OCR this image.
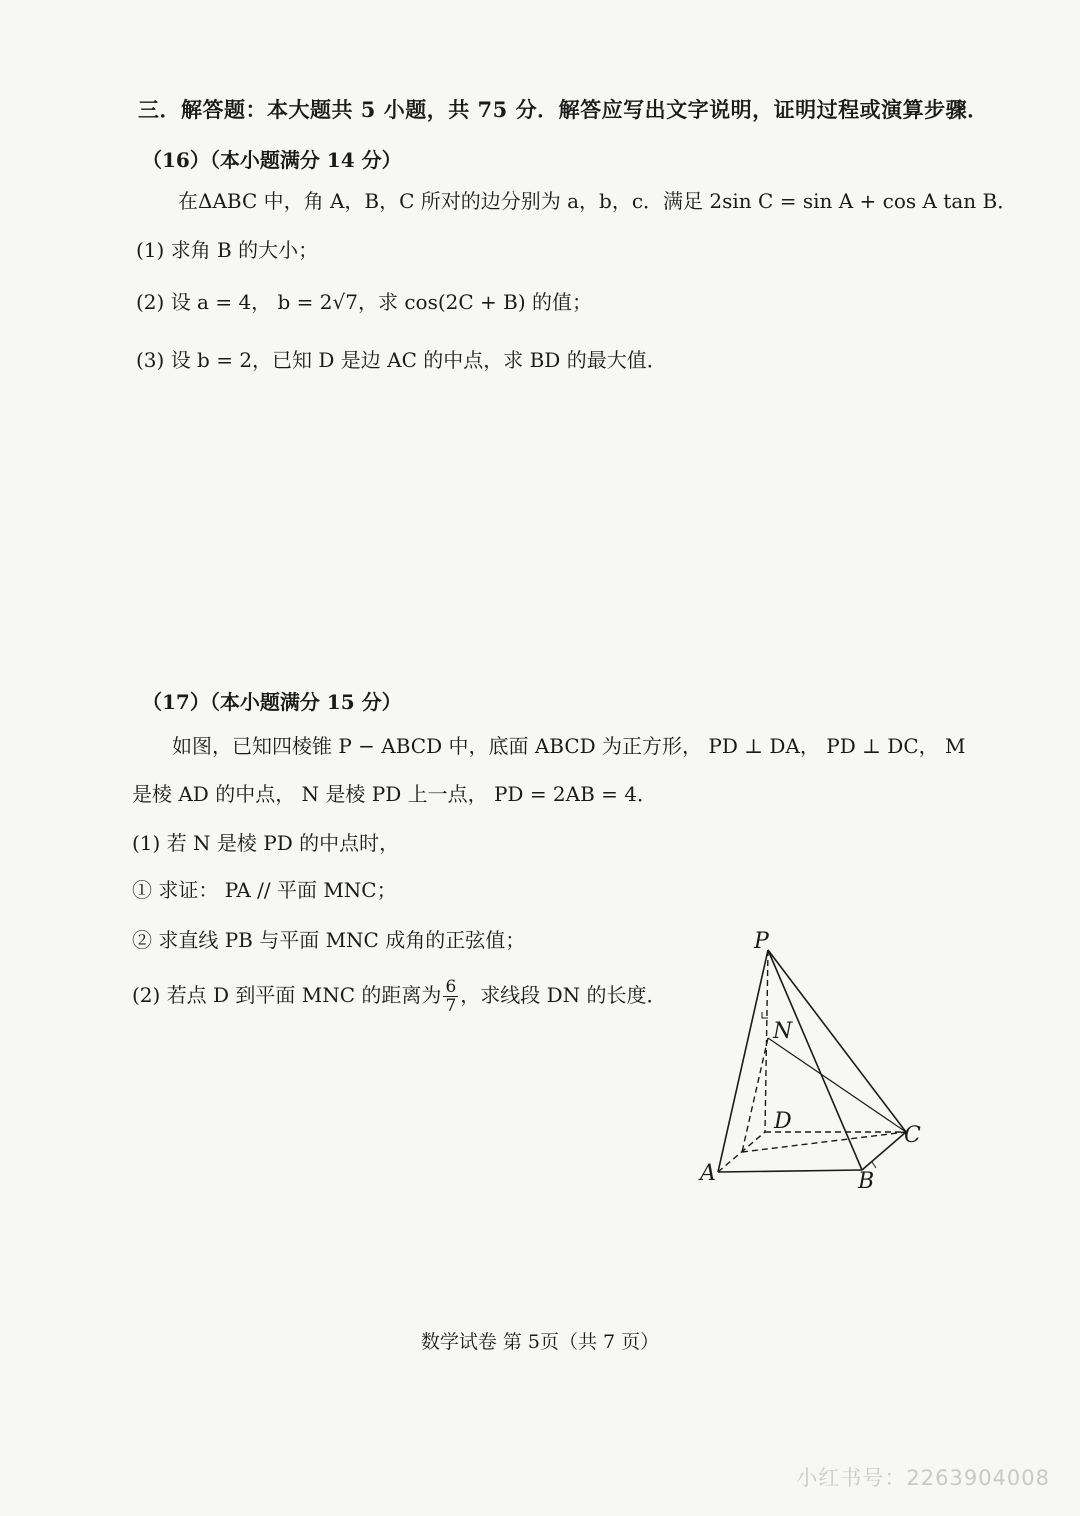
三．解答题：本大题共 5 小题，共 75 分．解答应写出文字说明，证明过程或演算步骤．
（16）（本小题满分 14 分）
在ΔABC 中，角 A，B，C 所对的边分别为 a，b，c．满足 2sin C = sin A + cos A tan B．
(1) 求角 B 的大小；
(2) 设 a = 4， b = 2√7，求 cos(2C + B) 的值；
(3) 设 b = 2，已知 D 是边 AC 的中点，求 BD 的最大值．
（17）（本小题满分 15 分）
如图，已知四棱锥 P − ABCD 中，底面 ABCD 为正方形， PD ⊥ DA， PD ⊥ DC， M
是棱 AD 的中点， N 是棱 PD 上一点， PD = 2AB = 4．
(1) 若 N 是棱 PD 的中点时，
① 求证： PA // 平面 MNC；
② 求直线 PB 与平面 MNC 成角的正弦值；
(2) 若点 D 到平面 MNC 的距离为 $\frac{6}{7}$ ，求线段 DN 的长度．
P
N
D
C
A	B
数学试卷 第 5页（共 7 页）
小红书号：2263904008
